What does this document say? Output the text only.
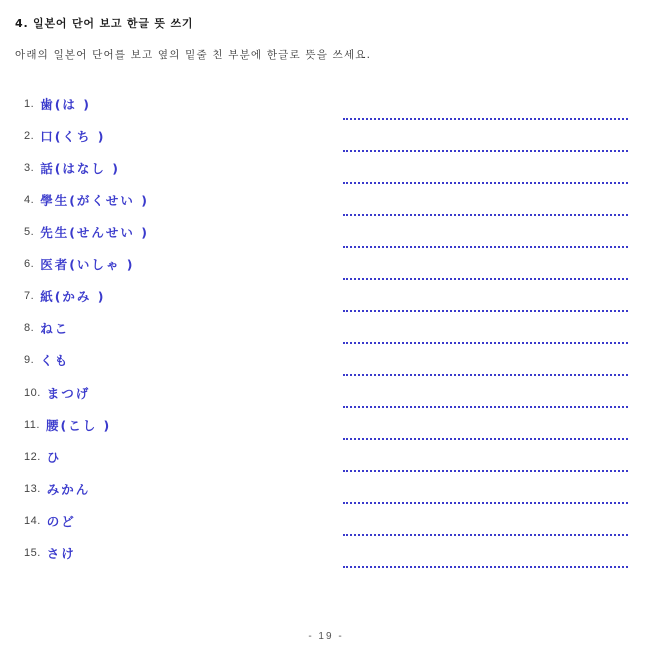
4. 일본어 단어 보고 한글 뜻 쓰기
아래의 일본어 단어를 보고 옆의 밑줄 친 부분에 한글로 뜻을 쓰세요.
1. 歯(は )
2. 口(くち )
3. 話(はなし )
4. 學生(がくせい )
5. 先生(せんせい )
6. 医者(いしゃ )
7. 紙(かみ )
8. ねこ
9. くも
10. まつげ
11. 腰(こし )
12. ひ
13. みかん
14. のど
15. さけ
- 19 -
